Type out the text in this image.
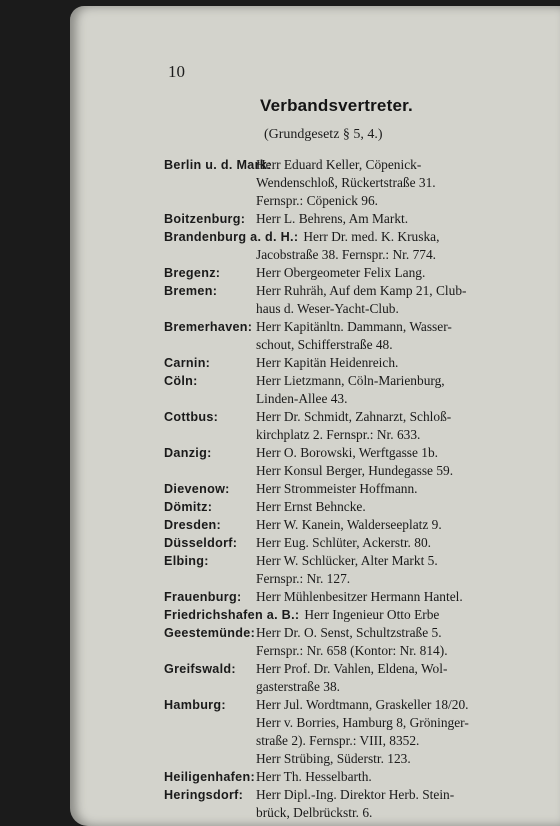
10
Verbandsvertreter.
(Grundgesetz § 5, 4.)
Berlin u. d. Mark:
Herr Eduard Keller, Cöpenick-
Wendenschloß, Rückertstraße 31.
Fernspr.: Cöpenick 96.
Boitzenburg: Herr L. Behrens, Am Markt.
Brandenburg a. d. H.: Herr Dr. med. K. Kruska,
Jacobstraße 38. Fernspr.: Nr. 774.
Bregenz:	Herr Obergeometer Felix Lang.
Bremen:	Herr Ruhräh, Auf dem Kamp 21, Club-
haus d. Weser-Yacht-Club.
Bremerhaven: Herr Kapitänltn. Dammann, Wasser-
schout, Schifferstraße 48.
Carnin:	Herr Kapitän Heidenreich.
Cöln:	Herr Lietzmann, Cöln-Marienburg,
Linden-Allee 43.
Cottbus:	Herr Dr. Schmidt, Zahnarzt, Schloß-
kirchplatz 2. Fernspr.: Nr. 633.
Danzig:	Herr O. Borowski, Werftgasse 1b.
Herr Konsul Berger, Hundegasse 59.
Dievenow:	Herr Strommeister Hoffmann.
Dömitz:	Herr Ernst Behncke.
Dresden:	Herr W. Kanein, Walderseeplatz 9.
Düsseldorf:	Herr Eug. Schlüter, Ackerstr. 80.
Elbing:	Herr W. Schlücker, Alter Markt 5.
Fernspr.: Nr. 127.
Frauenburg:	Herr Mühlenbesitzer Hermann Hantel.
Friedrichshafen a. B.: Herr Ingenieur Otto Erbe
Geestemünde: Herr Dr. O. Senst, Schultzstraße 5.
Fernspr.: Nr. 658 (Kontor: Nr. 814).
Greifswald:	Herr Prof. Dr. Vahlen, Eldena, Wol-
gasterstraße 38.
Hamburg:	Herr Jul. Wordtmann, Graskeller 18/20.
Herr v. Borries, Hamburg 8, Gröninger-
straße 2). Fernspr.: VIII, 8352.
Herr Strübing, Süderstr. 123.
Heiligenhafen: Herr Th. Hesselbarth.
Heringsdorf: Herr Dipl.-Ing. Direktor Herb. Stein-
brück, Delbrückstr. 6.
